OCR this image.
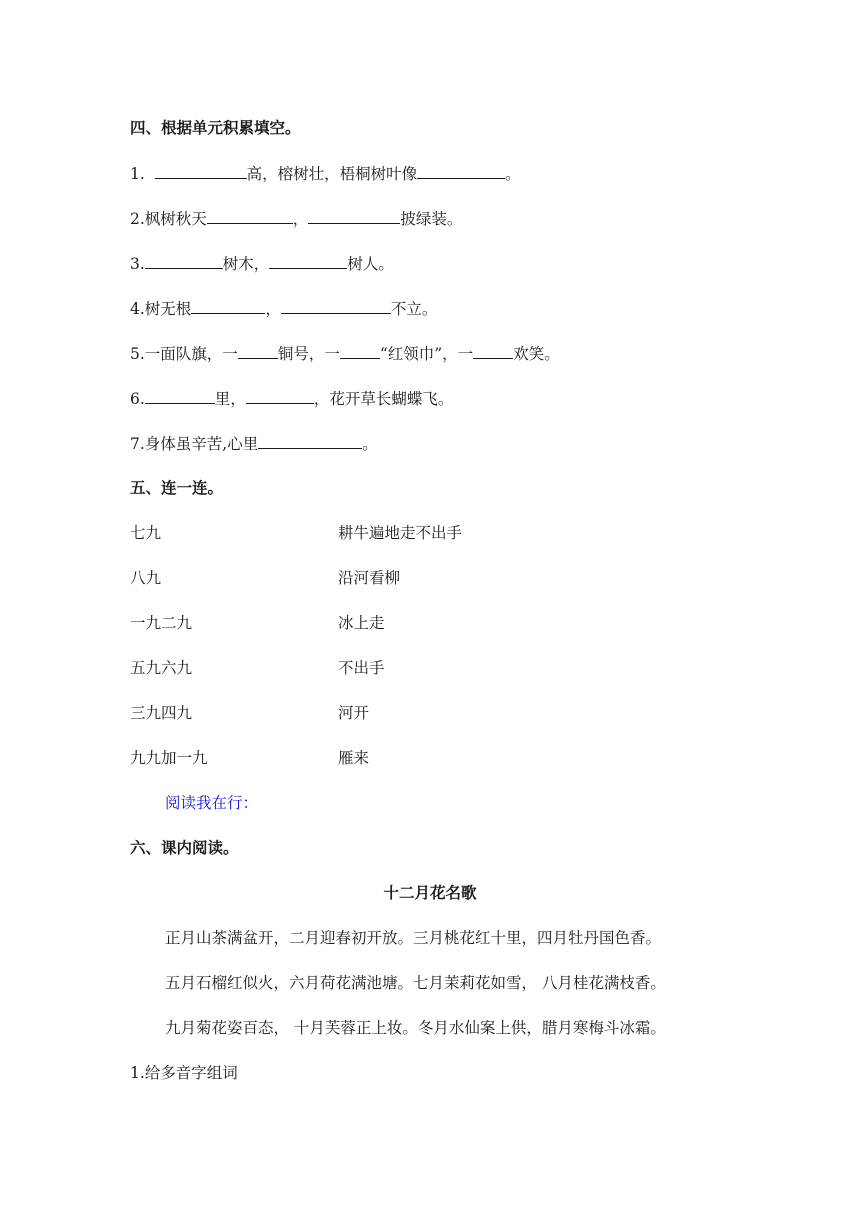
四、根据单元积累填空。
1.	高，榕树壮，梧桐树叶像	。
2.枫树秋天	，	披绿装。
3.	树木，	树人。
4.树无根	，	不立。
5.一面队旗，一	铜号，一	“红领巾”，一	欢笑。
6.	里，	，花开草长蝴蝶飞。
7.身体虽辛苦,心里	。
五、连一连。
七九	耕牛遍地走不出手
八九	沿河看柳
一九二九	冰上走
五九六九	不出手
三九四九	河开
九九加一九	雁来
阅读我在行：
六、课内阅读。
十二月花名歌
正月山茶满盆开，二月迎春初开放。三月桃花红十里，四月牡丹国色香。
五月石榴红似火，六月荷花满池塘。七月茉莉花如雪， 八月桂花满枝香。
九月菊花姿百态， 十月芙蓉正上妆。冬月水仙案上供，腊月寒梅斗冰霜。
1.给多音字组词
